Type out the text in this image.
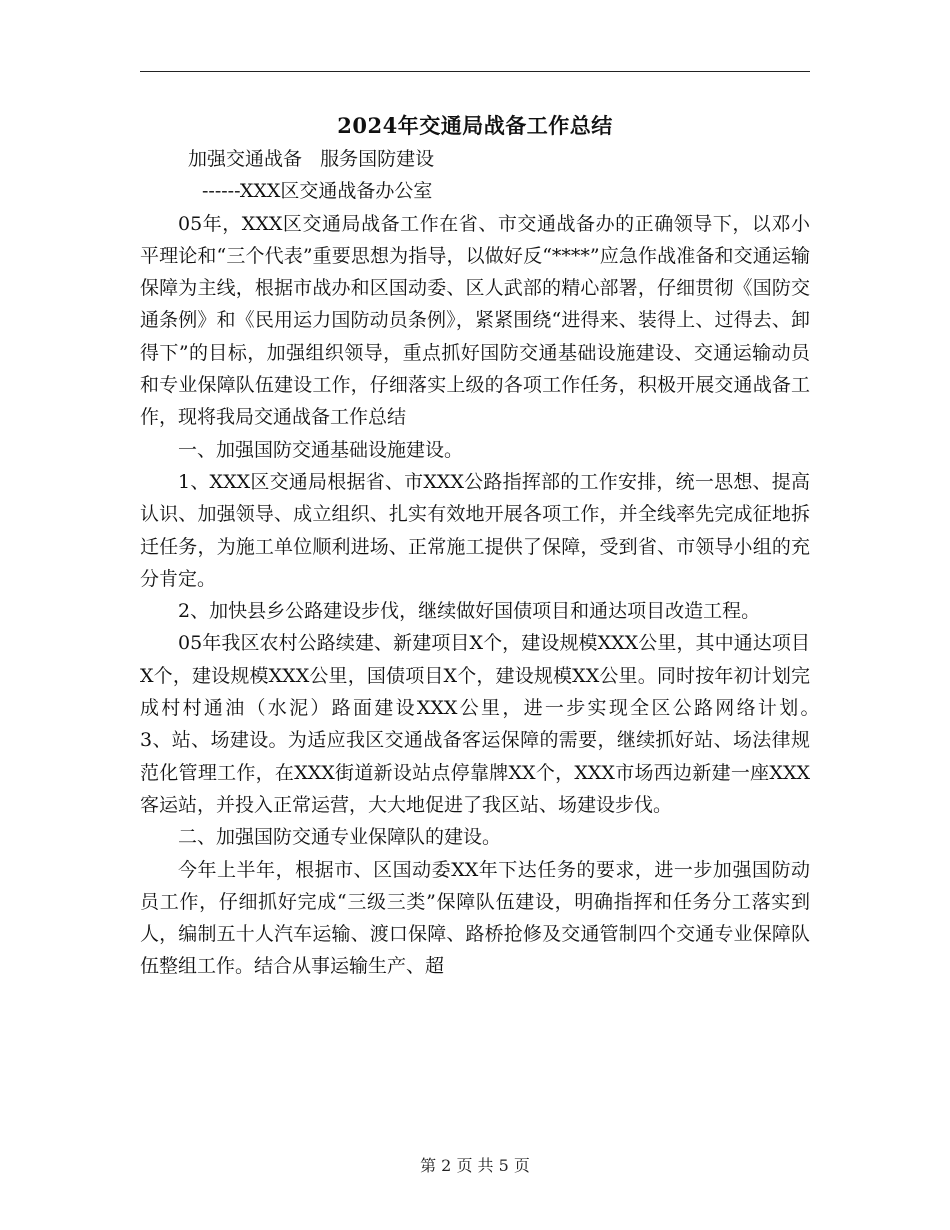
2024年交通局战备工作总结

加强交通战备   服务国防建设

------XXX区交通战备办公室

05年，XXX区交通局战备工作在省、市交通战备办的正确领导下，以邓小平理论和“三个代表”重要思想为指导，以做好反“****”应急作战准备和交通运输保障为主线，根据市战办和区国动委、区人武部的精心部署，仔细贯彻《国防交通条例》和《民用运力国防动员条例》，紧紧围绕“进得来、装得上、过得去、卸得下”的目标，加强组织领导，重点抓好国防交通基础设施建设、交通运输动员和专业保障队伍建设工作，仔细落实上级的各项工作任务，积极开展交通战备工作，现将我局交通战备工作总结

一、加强国防交通基础设施建设。

1、XXX区交通局根据省、市XXX公路指挥部的工作安排，统一思想、提高认识、加强领导、成立组织、扎实有效地开展各项工作，并全线率先完成征地拆迁任务，为施工单位顺利进场、正常施工提供了保障，受到省、市领导小组的充分肯定。

2、加快县乡公路建设步伐，继续做好国债项目和通达项目改造工程。

05年我区农村公路续建、新建项目X个，建设规模XXX公里，其中通达项目X个，建设规模XXX公里，国债项目X个，建设规模XX公里。同时按年初计划完成村村通油（水泥）路面建设XXX公里，进一步实现全区公路网络计划。　　3、站、场建设。为适应我区交通战备客运保障的需要，继续抓好站、场法律规范化管理工作，在XXX街道新设站点停靠牌XX个，XXX市场西边新建一座XXX客运站，并投入正常运营，大大地促进了我区站、场建设步伐。

二、加强国防交通专业保障队的建设。

今年上半年，根据市、区国动委XX年下达任务的要求，进一步加强国防动员工作，仔细抓好完成“三级三类”保障队伍建设，明确指挥和任务分工落实到人，编制五十人汽车运输、渡口保障、路桥抢修及交通管制四个交通专业保障队伍整组工作。结合从事运输生产、超

第 2 页 共 5 页
